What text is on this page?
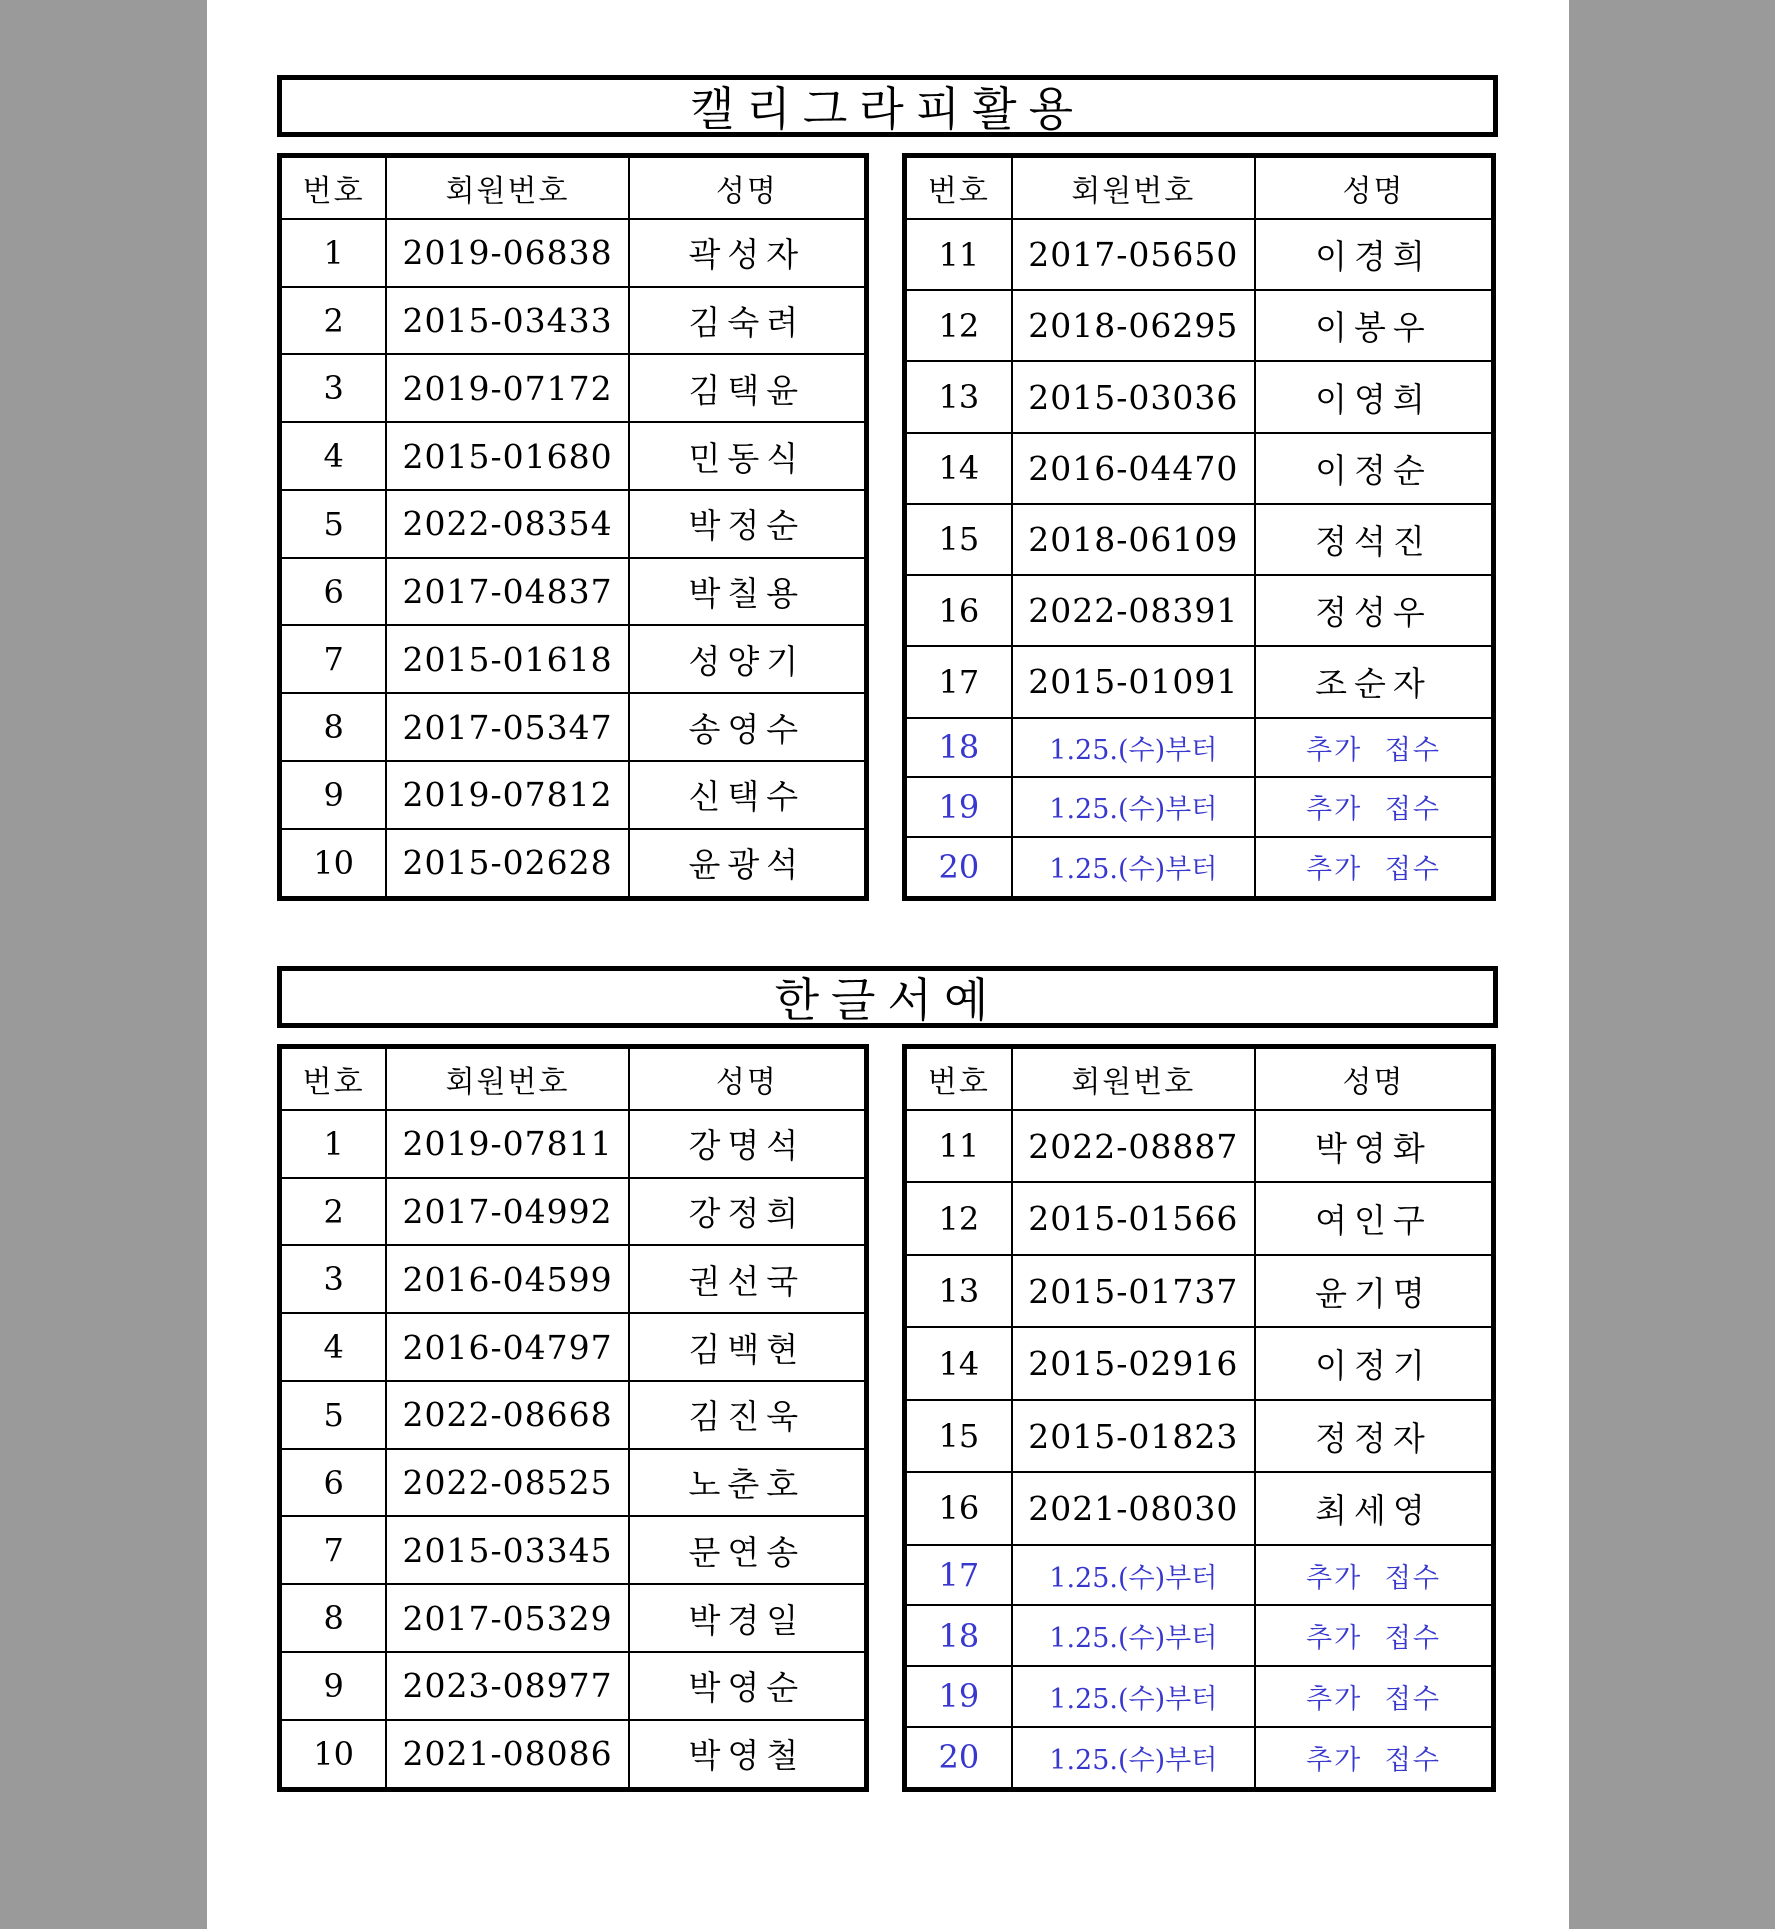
캘리그라피활용
번호	회원번호	성명
1	2019-06838	곽성자
2	2015-03433	김숙려
3	2019-07172	김택윤
4	2015-01680	민동식
5	2022-08354	박정순
6	2017-04837	박칠용
7	2015-01618	성양기
8	2017-05347	송영수
9	2019-07812	신택수
10	2015-02628	윤광석
번호	회원번호	성명
11	2017-05650	이경희
12	2018-06295	이봉우
13	2015-03036	이영희
14	2016-04470	이정순
15	2018-06109	정석진
16	2022-08391	정성우
17	2015-01091	조순자
18	1.25.(수)부터	추가 접수
19	1.25.(수)부터	추가 접수
20	1.25.(수)부터	추가 접수
한글서예
번호	회원번호	성명
1	2019-07811	강명석
2	2017-04992	강정희
3	2016-04599	권선국
4	2016-04797	김백현
5	2022-08668	김진욱
6	2022-08525	노춘호
7	2015-03345	문연송
8	2017-05329	박경일
9	2023-08977	박영순
10	2021-08086	박영철
번호	회원번호	성명
11	2022-08887	박영화
12	2015-01566	여인구
13	2015-01737	윤기명
14	2015-02916	이정기
15	2015-01823	정정자
16	2021-08030	최세영
17	1.25.(수)부터	추가 접수
18	1.25.(수)부터	추가 접수
19	1.25.(수)부터	추가 접수
20	1.25.(수)부터	추가 접수
